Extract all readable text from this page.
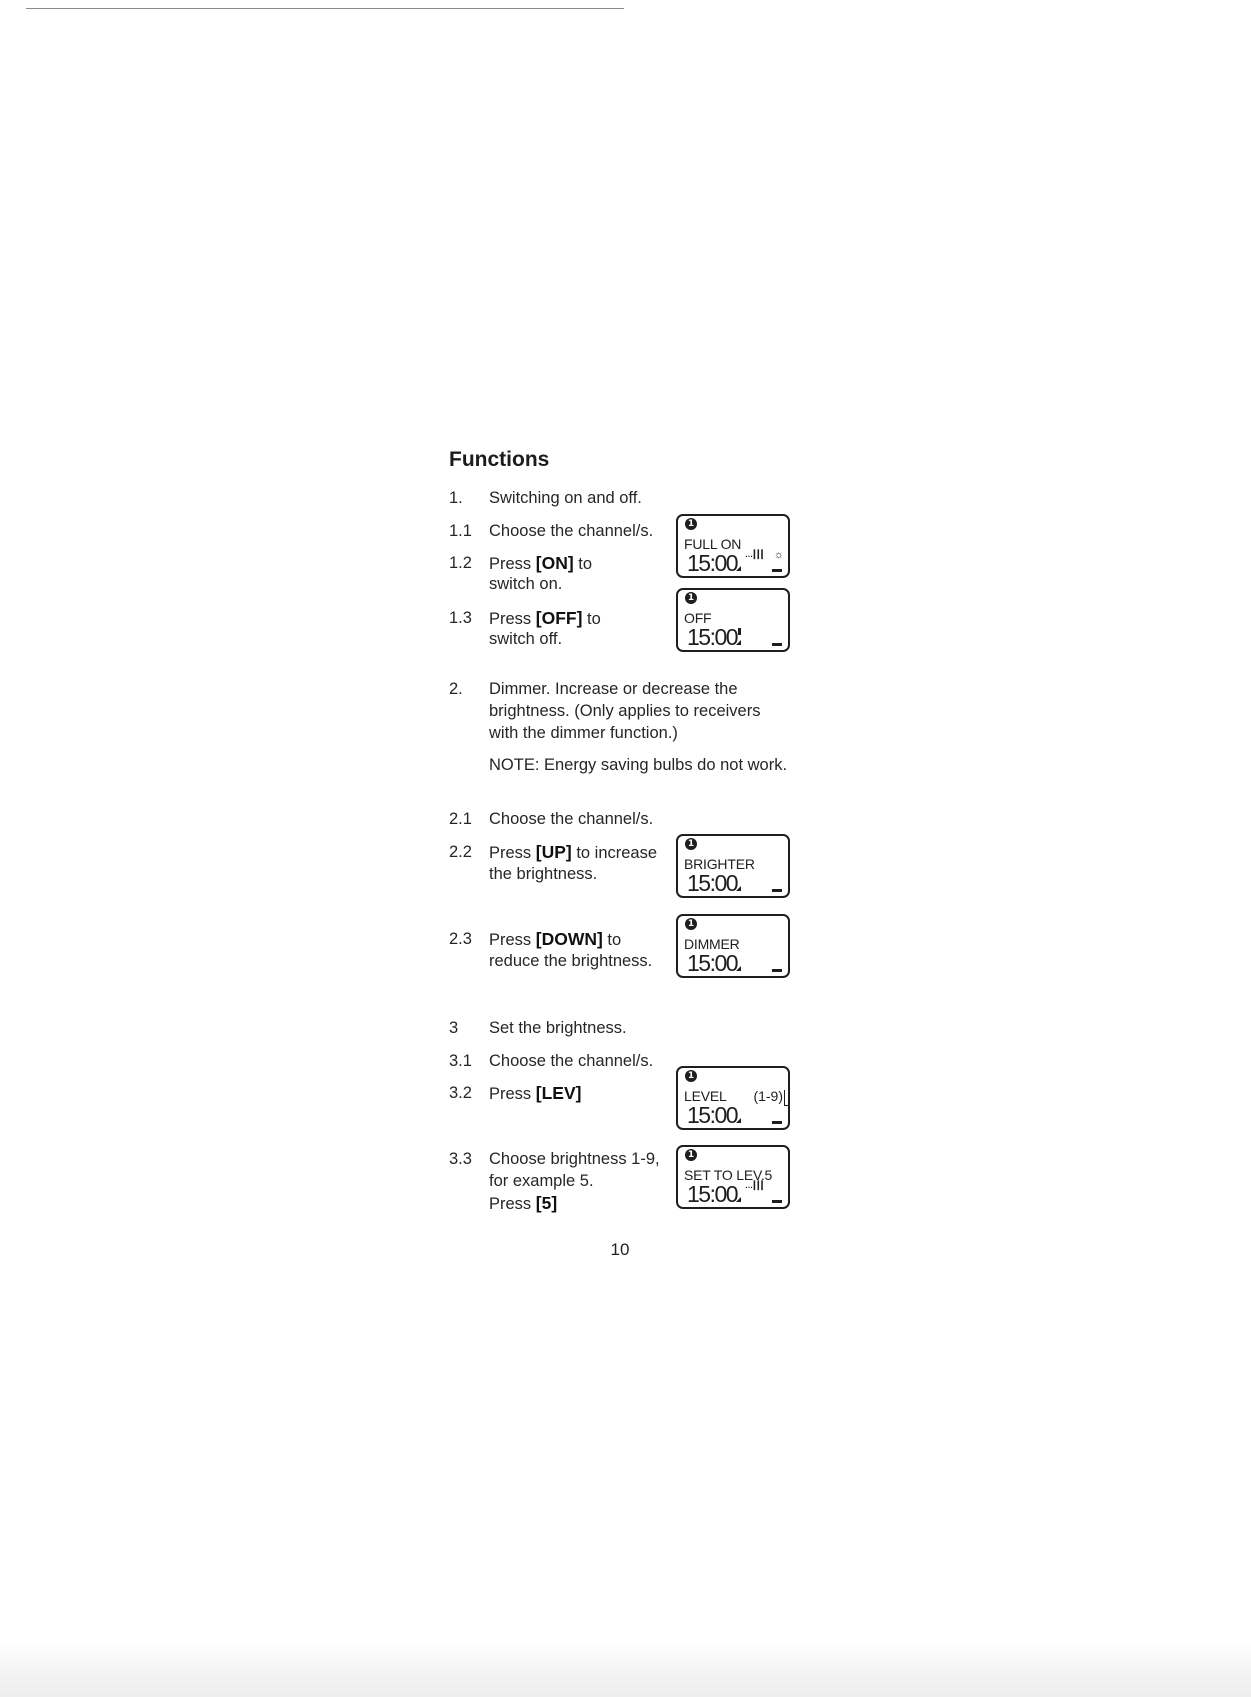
Functions
1.	Switching on and off.
1.1	Choose the channel/s.
1.2	Press [ON] to
switch on.
1.3	Press [OFF] to
switch off.
2.	Dimmer. Increase or decrease the
brightness. (Only applies to receivers
with the dimmer function.)
NOTE: Energy saving bulbs do not work.
2.1	Choose the channel/s.
2.2	Press [UP] to increase
the brightness.
2.3	Press [DOWN] to
reduce the brightness.
3	Set the brightness.
3.1	Choose the channel/s.
3.2	Press [LEV]
3.3	Choose brightness 1-9,
for example 5.
Press [5]
1
FULL ON
15:00 …┃┃┃ ☼
1
OFF
15:00
1
BRIGHTER
15:00
1
DIMMER
15:00
1
LEVEL (1-9)
15:00
1
SET TO LEV.5
15:00 …┃┃┃
10
